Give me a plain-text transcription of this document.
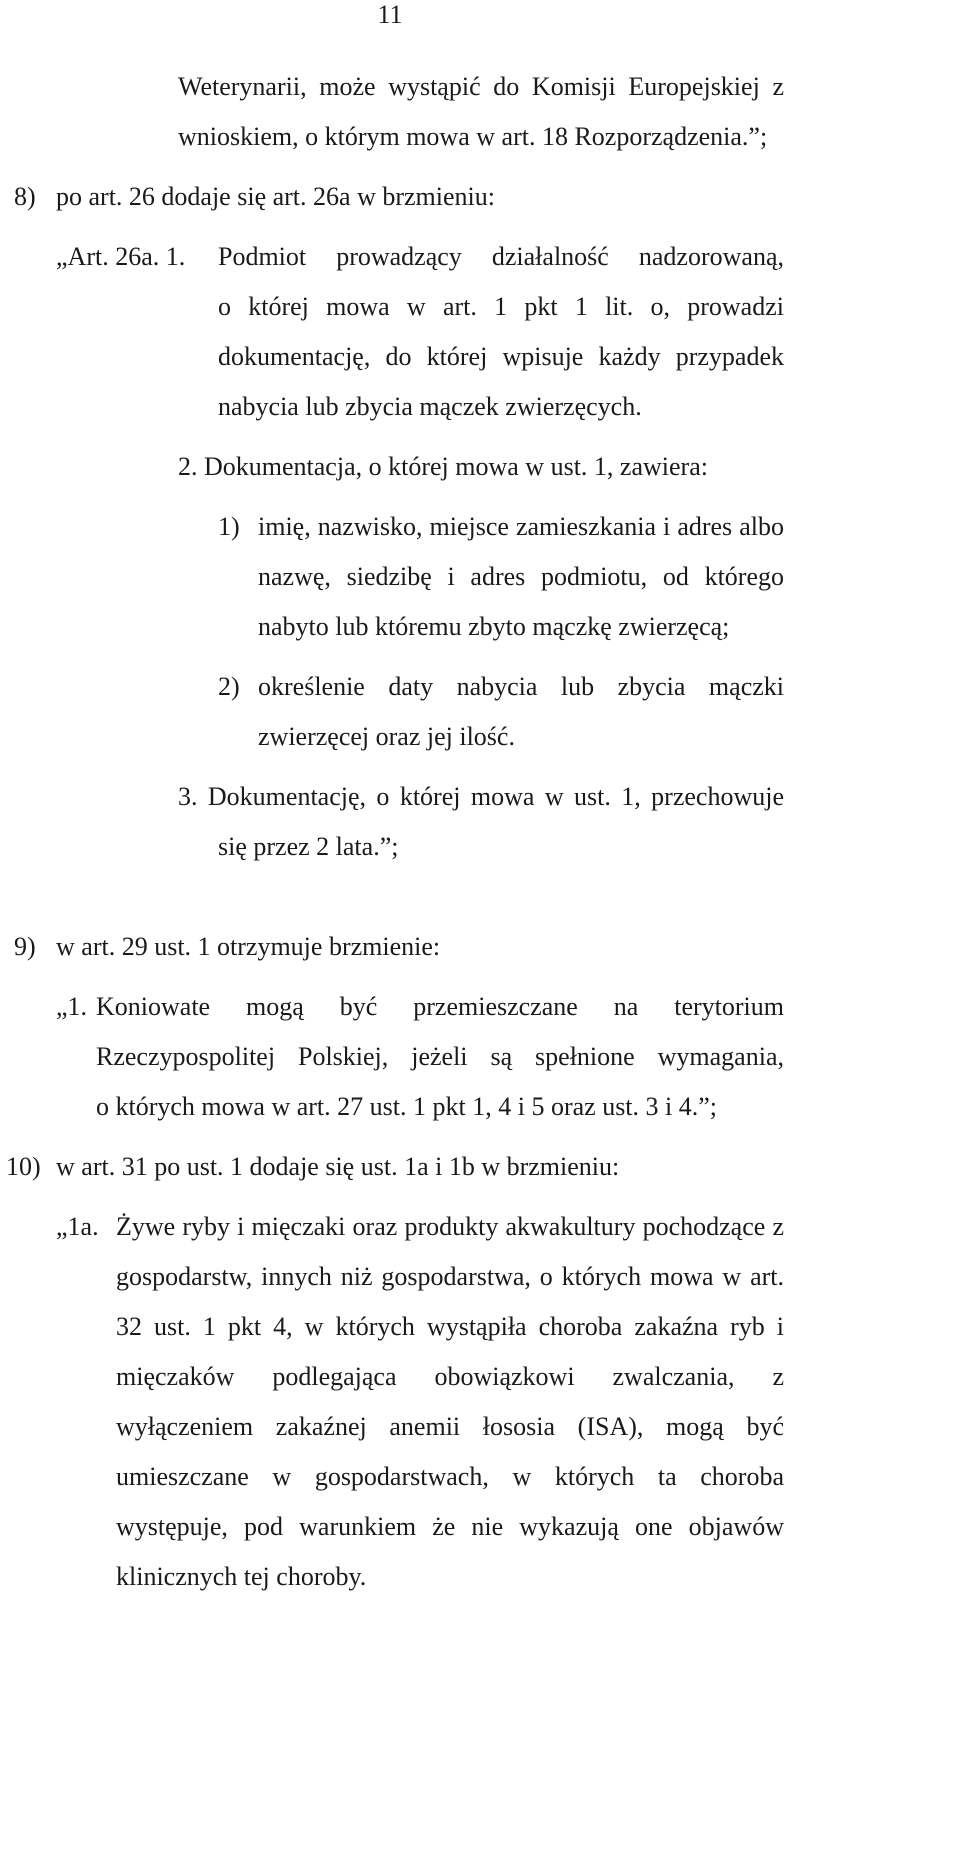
11
Weterynarii, może wystąpić do Komisji Europejskiej z
wnioskiem, o którym mowa w art. 18 Rozporządzenia.”;
8) po art. 26 dodaje się art. 26a w brzmieniu:
„Art. 26a. 1. Podmiot prowadzący działalność nadzorowaną,
o której mowa w art. 1 pkt 1 lit. o, prowadzi
dokumentację, do której wpisuje każdy przypadek
nabycia lub zbycia mączek zwierzęcych.
2. Dokumentacja, o której mowa w ust. 1, zawiera:
1) imię, nazwisko, miejsce zamieszkania i adres albo
nazwę, siedzibę i adres podmiotu, od którego
nabyto lub któremu zbyto mączkę zwierzęcą;
2) określenie daty nabycia lub zbycia mączki
zwierzęcej oraz jej ilość.
3. Dokumentację, o której mowa w ust. 1, przechowuje
się przez 2 lata.”;
9) w art. 29 ust. 1 otrzymuje brzmienie:
„1. Koniowate mogą być przemieszczane na terytorium
Rzeczypospolitej Polskiej, jeżeli są spełnione wymagania,
o których mowa w art. 27 ust. 1 pkt 1, 4 i 5 oraz ust. 3 i 4.”;
10) w art. 31 po ust. 1 dodaje się ust. 1a i 1b w brzmieniu:
„1a. Żywe ryby i mięczaki oraz produkty akwakultury pochodzące z
gospodarstw, innych niż gospodarstwa, o których mowa w art.
32 ust. 1 pkt 4, w których wystąpiła choroba zakaźna ryb i
mięczaków podlegająca obowiązkowi zwalczania, z
wyłączeniem zakaźnej anemii łososia (ISA), mogą być
umieszczane w gospodarstwach, w których ta choroba
występuje, pod warunkiem że nie wykazują one objawów
klinicznych tej choroby.
